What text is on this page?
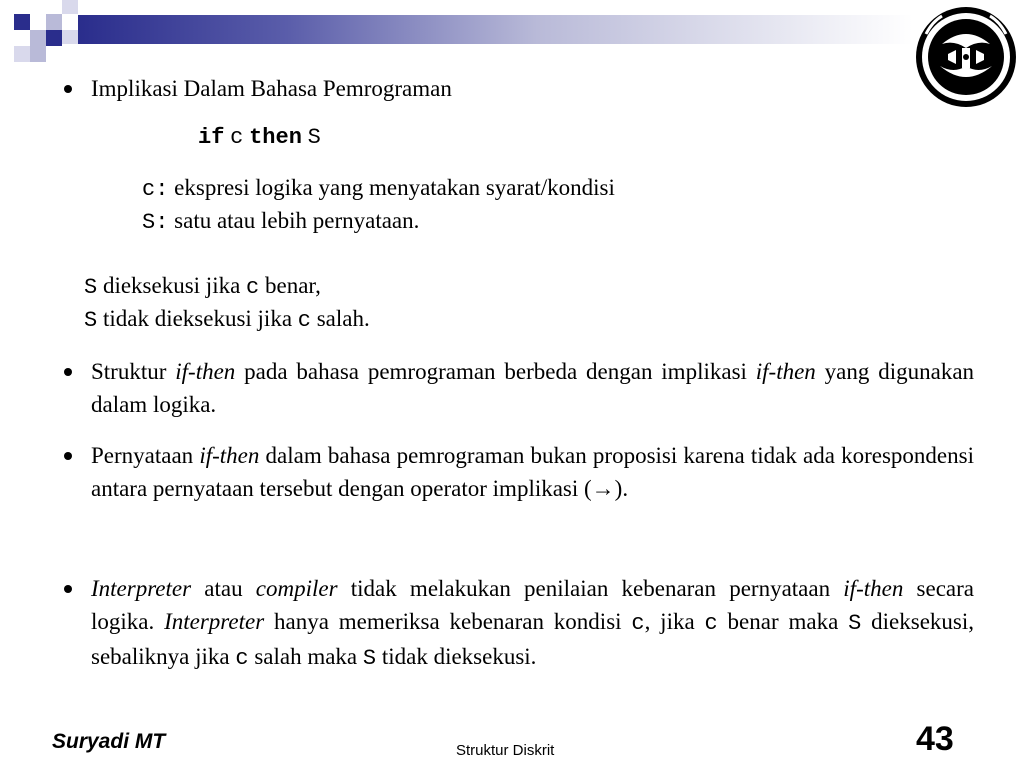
Implikasi Dalam Bahasa Pemrograman
if c then S
c: ekspresi logika yang menyatakan syarat/kondisi
S: satu atau lebih pernyataan.
S dieksekusi jika c benar,
S tidak dieksekusi jika c salah.
Struktur if-then pada bahasa pemrograman berbeda dengan implikasi if-then yang digunakan dalam logika.
Pernyataan if-then dalam bahasa pemrograman bukan proposisi karena tidak ada korespondensi antara pernyataan tersebut dengan operator implikasi (→).
Interpreter atau compiler tidak melakukan penilaian kebenaran pernyataan if-then secara logika. Interpreter hanya memeriksa kebenaran kondisi c, jika c benar maka S dieksekusi, sebaliknya jika c salah maka S tidak dieksekusi.
Suryadi MT	Struktur Diskrit	43
